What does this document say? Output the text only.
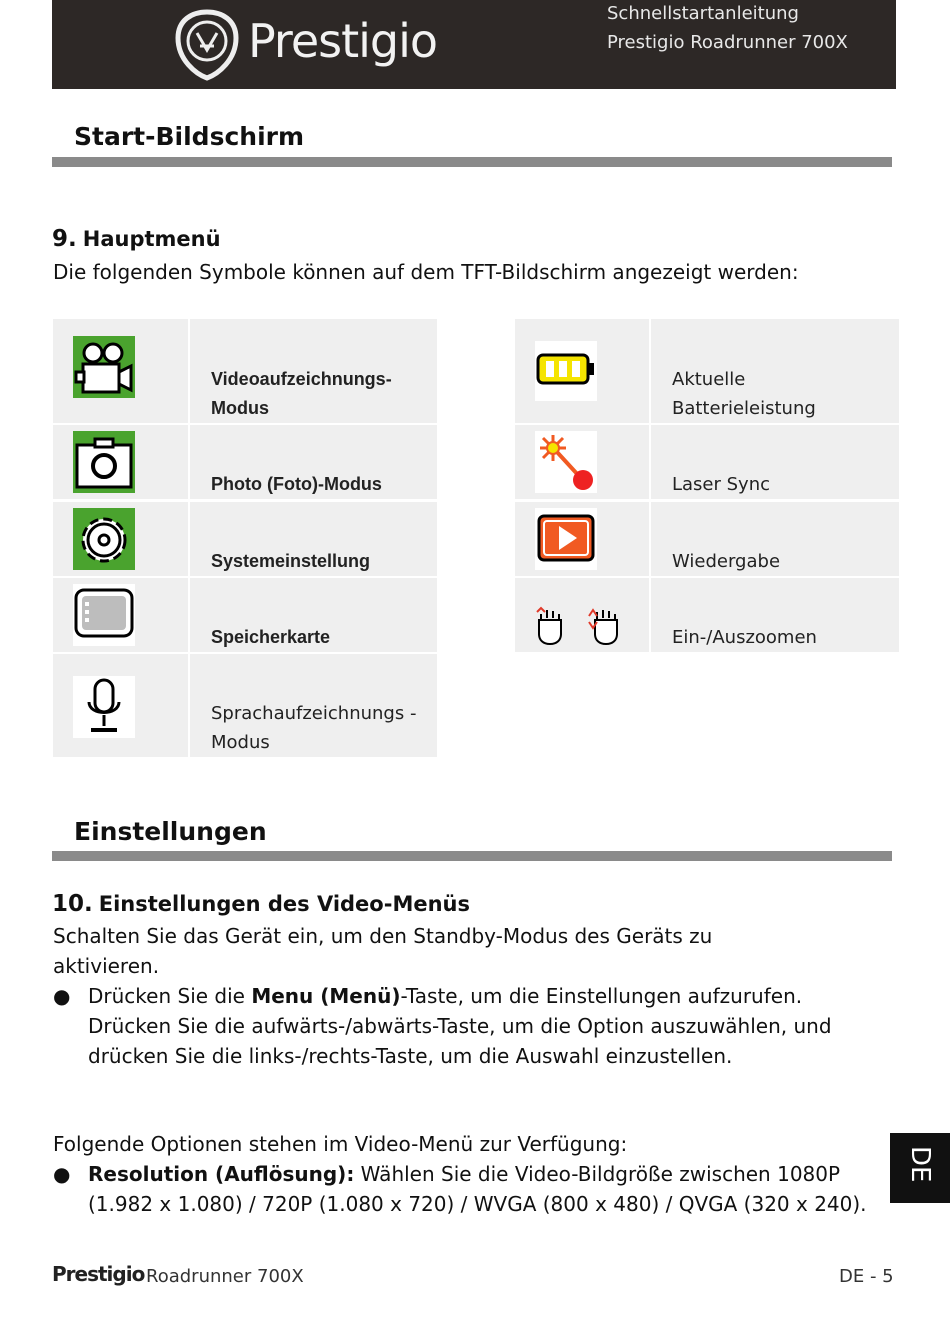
Prestigio
Schnellstartanleitung
Prestigio Roadrunner 700X
Start-Bildschirm
9. Hauptmenü
Die folgenden Symbole können auf dem TFT-Bildschirm angezeigt werden:
Videoaufzeichnungs-Modus
Photo (Foto)-Modus
Systemeinstellung
Speicherkarte
Sprachaufzeichnungs -Modus
Aktuelle Batterieleistung
Laser Sync
Wiedergabe
Ein-/Auszoomen
Einstellungen
10. Einstellungen des Video-Menüs
Schalten Sie das Gerät ein, um den Standby-Modus des Geräts zu aktivieren.
● Drücken Sie die Menu (Menü)-Taste, um die Einstellungen aufzurufen. Drücken Sie die aufwärts-/abwärts-Taste, um die Option auszuwählen, und drücken Sie die links-/rechts-Taste, um die Auswahl einzustellen.
Folgende Optionen stehen im Video-Menü zur Verfügung:
● Resolution (Auflösung): Wählen Sie die Video-Bildgröße zwischen 1080P (1.982 x 1.080) / 720P (1.080 x 720) / WVGA (800 x 480) / QVGA (320 x 240).
DE
Prestigio Roadrunner 700X	DE - 5
